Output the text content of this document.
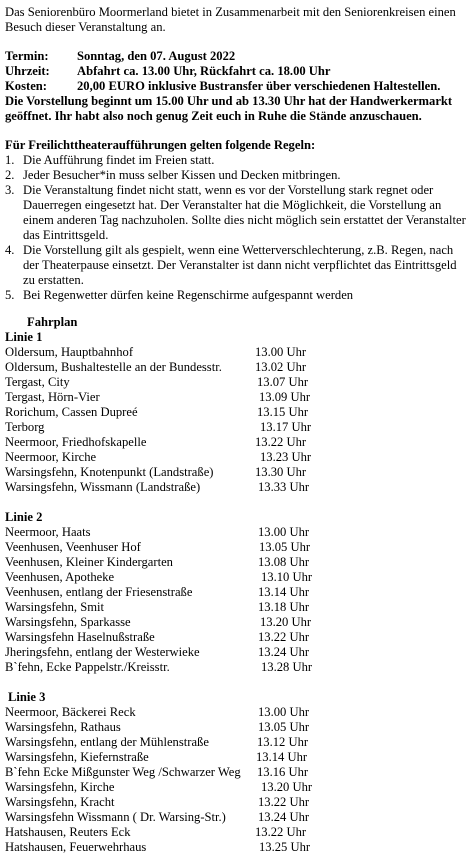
Das Seniorenbüro Moormerland bietet in Zusammenarbeit mit den Seniorenkreisen einen Besuch dieser Veranstaltung an.

Termin:	Sonntag, den 07. August 2022
Uhrzeit:	Abfahrt ca. 13.00 Uhr, Rückfahrt ca. 18.00 Uhr
Kosten:	20,00 EURO inklusive Bustransfer über verschiedenen Haltestellen.
Die Vorstellung beginnt um 15.00 Uhr und ab 13.30 Uhr hat der Handwerkermarkt geöffnet. Ihr habt also noch genug Zeit euch in Ruhe die Stände anzuschauen.
Für Freilichttheateraufführungen gelten folgende Regeln:
1. Die Aufführung findet im Freien statt.
2. Jeder Besucher*in muss selber Kissen und Decken mitbringen.
3. Die Veranstaltung findet nicht statt, wenn es vor der Vorstellung stark regnet oder Dauerregen eingesetzt hat. Der Veranstalter hat die Möglichkeit, die Vorstellung an einem anderen Tag nachzuholen. Sollte dies nicht möglich sein erstattet der Veranstalter das Eintrittsgeld.
4. Die Vorstellung gilt als gespielt, wenn eine Wetterverschlechterung, z.B. Regen, nach der Theaterpause einsetzt. Der Veranstalter ist dann nicht verpflichtet das Eintrittsgeld zu erstatten.
5. Bei Regenwetter dürfen keine Regenschirme aufgespannt werden
Fahrplan
Linie 1
Oldersum, Hauptbahnhof	13.00 Uhr
Oldersum, Bushaltestelle an der Bundesstr.	13.02 Uhr
Tergast, City	13.07 Uhr
Tergast, Hörn-Vier	13.09 Uhr
Rorichum, Cassen Dupreé	13.15 Uhr
Terborg	13.17 Uhr
Neermoor, Friedhofskapelle	13.22 Uhr
Neermoor, Kirche	13.23 Uhr
Warsingsfehn, Knotenpunkt (Landstraße)	13.30 Uhr
Warsingsfehn, Wissmann (Landstraße)	13.33 Uhr
Linie 2
Neermoor, Haats	13.00 Uhr
Veenhusen, Veenhuser Hof	13.05 Uhr
Veenhusen, Kleiner Kindergarten	13.08 Uhr
Veenhusen, Apotheke	13.10 Uhr
Veenhusen, entlang der Friesenstraße	13.14 Uhr
Warsingsfehn, Smit	13.18 Uhr
Warsingsfehn, Sparkasse	13.20 Uhr
Warsingsfehn Haselnußstraße	13.22 Uhr
Jheringsfehn, entlang der Westerwieke	13.24 Uhr
B`fehn, Ecke Pappelstr./Kreisstr.	13.28 Uhr
Linie 3
Neermoor, Bäckerei Reck	13.00 Uhr
Warsingsfehn, Rathaus	13.05 Uhr
Warsingsfehn, entlang der Mühlenstraße	13.12 Uhr
Warsingsfehn, Kiefernstraße	13.14 Uhr
B`fehn Ecke Mißgunster Weg /Schwarzer Weg 13.16 Uhr
Warsingsfehn, Kirche	13.20 Uhr
Warsingsfehn, Kracht	13.22 Uhr
Warsingsfehn Wissmann ( Dr. Warsing-Str.)	13.24 Uhr
Hatshausen, Reuters Eck	13.22 Uhr
Hatshausen, Feuerwehrhaus	13.25 Uhr
